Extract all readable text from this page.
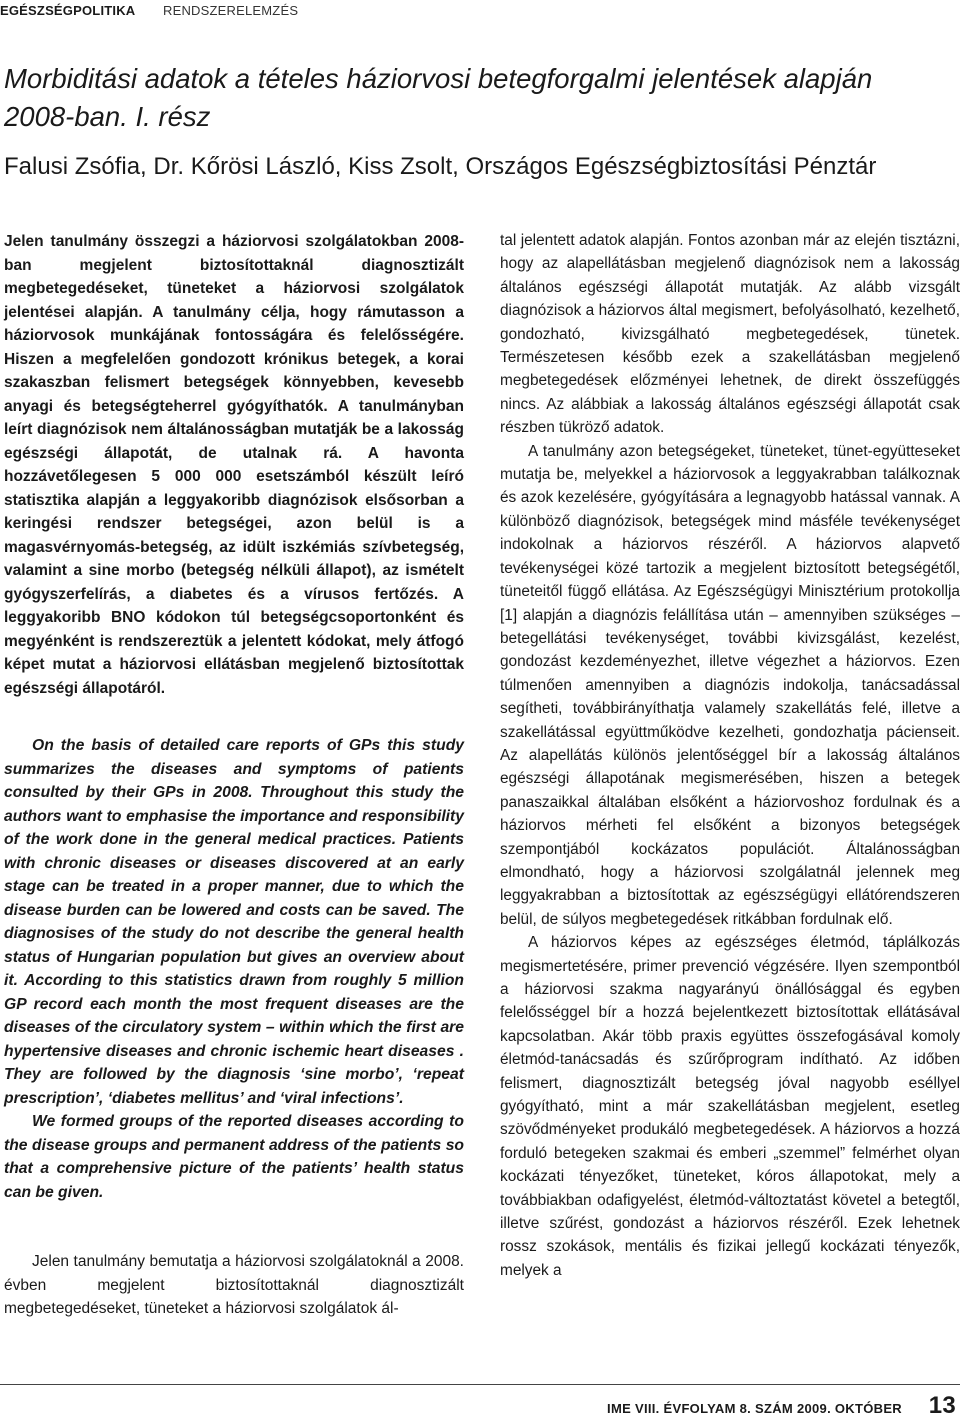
EGÉSZSÉGPOLITIKA RENDSZERELEMZÉS
Morbiditási adatok a tételes háziorvosi betegforgalmi jelentések alapján 2008-ban. I. rész
Falusi Zsófia, Dr. Kőrösi László, Kiss Zsolt, Országos Egészségbiztosítási Pénztár

Jelen tanulmány összegzi a háziorvosi szolgálatokban 2008-ban megjelent biztosítottaknál diagnosztizált megbetegedéseket, tüneteket a háziorvosi szolgálatok jelentései alapján. A tanulmány célja, hogy rámutasson a háziorvosok munkájának fontosságára és felelősségére. Hiszen a megfelelően gondozott krónikus betegek, a korai szakaszban felismert betegségek könnyebben, kevesebb anyagi és betegségteherrel gyógyíthatók. A tanulmányban leírt diagnózisok nem általánosságban mutatják be a lakosság egészségi állapotát, de utalnak rá. A havonta hozzávetőlegesen 5 000 000 esetszámból készült leíró statisztika alapján a leggyakoribb diagnózisok elsősorban a keringési rendszer betegségei, azon belül is a magasvérnyomás-betegség, az idült iszkémiás szívbetegség, valamint a sine morbo (betegség nélküli állapot), az ismételt gyógyszerfelírás, a diabetes és a vírusos fertőzés. A leggyakoribb BNO kódokon túl betegségcsoportonként és megyénként is rendszereztük a jelentett kódokat, mely átfogó képet mutat a háziorvosi ellátásban megjelenő biztosítottak egészségi állapotáról.

On the basis of detailed care reports of GPs this study summarizes the diseases and symptoms of patients consulted by their GPs in 2008. Throughout this study the authors want to emphasise the importance and responsibility of the work done in the general medical practices. Patients with chronic diseases or diseases discovered at an early stage can be treated in a proper manner, due to which the disease burden can be lowered and costs can be saved. The diagnosises of the study do not describe the general health status of Hungarian population but gives an overview about it. According to this statistics drawn from roughly 5 million GP record each month the most frequent diseases are the diseases of the circulatory system – within which the first are hypertensive diseases and chronic ischemic heart diseases . They are followed by the diagnosis ‘sine morbo’, ‘repeat prescription’, ‘diabetes mellitus’ and ‘viral infections’.
We formed groups of the reported diseases according to the disease groups and permanent address of the patients so that a comprehensive picture of the patients’ health status can be given.

Jelen tanulmány bemutatja a háziorvosi szolgálatoknál a 2008. évben megjelent biztosítottaknál diagnosztizált megbetegedéseket, tüneteket a háziorvosi szolgálatok ál-

tal jelentett adatok alapján. Fontos azonban már az elején tisztázni, hogy az alapellátásban megjelenő diagnózisok nem a lakosság általános egészségi állapotát mutatják. Az alább vizsgált diagnózisok a háziorvos által megismert, befolyásolható, kezelhető, gondozható, kivizsgálható megbetegedések, tünetek. Természetesen később ezek a szakellátásban megjelenő megbetegedések előzményei lehetnek, de direkt összefüggés nincs. Az alábbiak a lakosság általános egészségi állapotát csak részben tükröző adatok.

A tanulmány azon betegségeket, tüneteket, tünet-együtteseket mutatja be, melyekkel a háziorvosok a leggyakrabban találkoznak és azok kezelésére, gyógyítására a legnagyobb hatással vannak. A különböző diagnózisok, betegségek mind másféle tevékenységet indokolnak a háziorvos részéről. A háziorvos alapvető tevékenységei közé tartozik a megjelent biztosított betegségétől, tüneteitől függő ellátása. Az Egészségügyi Minisztérium protokollja [1] alapján a diagnózis felállítása után – amennyiben szükséges – betegellátási tevékenységet, további kivizsgálást, kezelést, gondozást kezdeményezhet, illetve végezhet a háziorvos. Ezen túlmenően amennyiben a diagnózis indokolja, tanácsadással segítheti, továbbirányíthatja valamely szakellátás felé, illetve a szakellátással együttműködve kezelheti, gondozhatja pácienseit. Az alapellátás különös jelentőséggel bír a lakosság általános egészségi állapotának megismerésében, hiszen a betegek panaszaikkal általában elsőként a háziorvoshoz fordulnak és a háziorvos mérheti fel elsőként a bizonyos betegségek szempontjából kockázatos populációt. Általánosságban elmondható, hogy a háziorvosi szolgálatnál jelennek meg leggyakrabban a biztosítottak az egészségügyi ellátórendszeren belül, de súlyos megbetegedések ritkábban fordulnak elő.

A háziorvos képes az egészséges életmód, táplálkozás megismertetésére, primer prevenció végzésére. Ilyen szempontból a háziorvosi szakma nagyarányú önállósággal és egyben felelősséggel bír a hozzá bejelentkezett biztosítottak ellátásával kapcsolatban. Akár több praxis együttes összefogásával komoly életmód-tanácsadás és szűrőprogram indítható. Az időben felismert, diagnosztizált betegség jóval nagyobb eséllyel gyógyítható, mint a már szakellátásban megjelent, esetleg szövődményeket produkáló megbetegedések. A háziorvos a hozzá forduló betegeken szakmai és emberi „szemmel” felmérhet olyan kockázati tényezőket, tüneteket, kóros állapotokat, mely a továbbiakban odafigyelést, életmód-változtatást követel a betegtől, illetve szűrést, gondozást a háziorvos részéről. Ezek lehetnek rossz szokások, mentális és fizikai jellegű kockázati tényezők, melyek a

IME VIII. ÉVFOLYAM 8. SZÁM 2009. OKTÓBER 13
